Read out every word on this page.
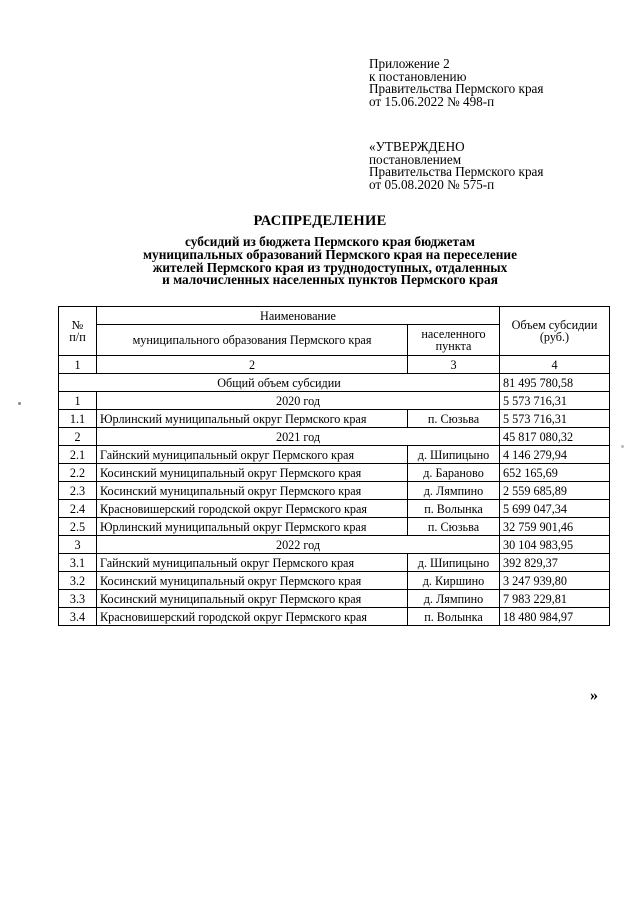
Приложение 2
к постановлению
Правительства Пермского края
от 15.06.2022 № 498-п
«УТВЕРЖДЕНО
постановлением
Правительства Пермского края
от 05.08.2020 № 575-п
РАСПРЕДЕЛЕНИЕ
субсидий из бюджета Пермского края бюджетам
муниципальных образований Пермского края на переселение
жителей Пермского края из труднодоступных, отдаленных
и малочисленных населенных пунктов Пермского края
№ п/п	Наименование		Объем субсидии (руб.)
	муниципального образования Пермского края	населенного пункта	
1	2	3	4
Общий объем субсидии			81 495 780,58
1	2020 год		5 573 716,31
1.1	Юрлинский муниципальный округ Пермского края	п. Сюзьва	5 573 716,31
2	2021 год		45 817 080,32
2.1	Гайнский муниципальный округ Пермского края	д. Шипицыно	4 146 279,94
2.2	Косинский муниципальный округ Пермского края	д. Бараново	652 165,69
2.3	Косинский муниципальный округ Пермского края	д. Лямпино	2 559 685,89
2.4	Красновишерский городской округ Пермского края	п. Волынка	5 699 047,34
2.5	Юрлинский муниципальный округ Пермского края	п. Сюзьва	32 759 901,46
3	2022 год		30 104 983,95
3.1	Гайнский муниципальный округ Пермского края	д. Шипицыно	392 829,37
3.2	Косинский муниципальный округ Пермского края	д. Киршино	3 247 939,80
3.3	Косинский муниципальный округ Пермского края	д. Лямпино	7 983 229,81
3.4	Красновишерский городской округ Пермского края	п. Волынка	18 480 984,97
»
